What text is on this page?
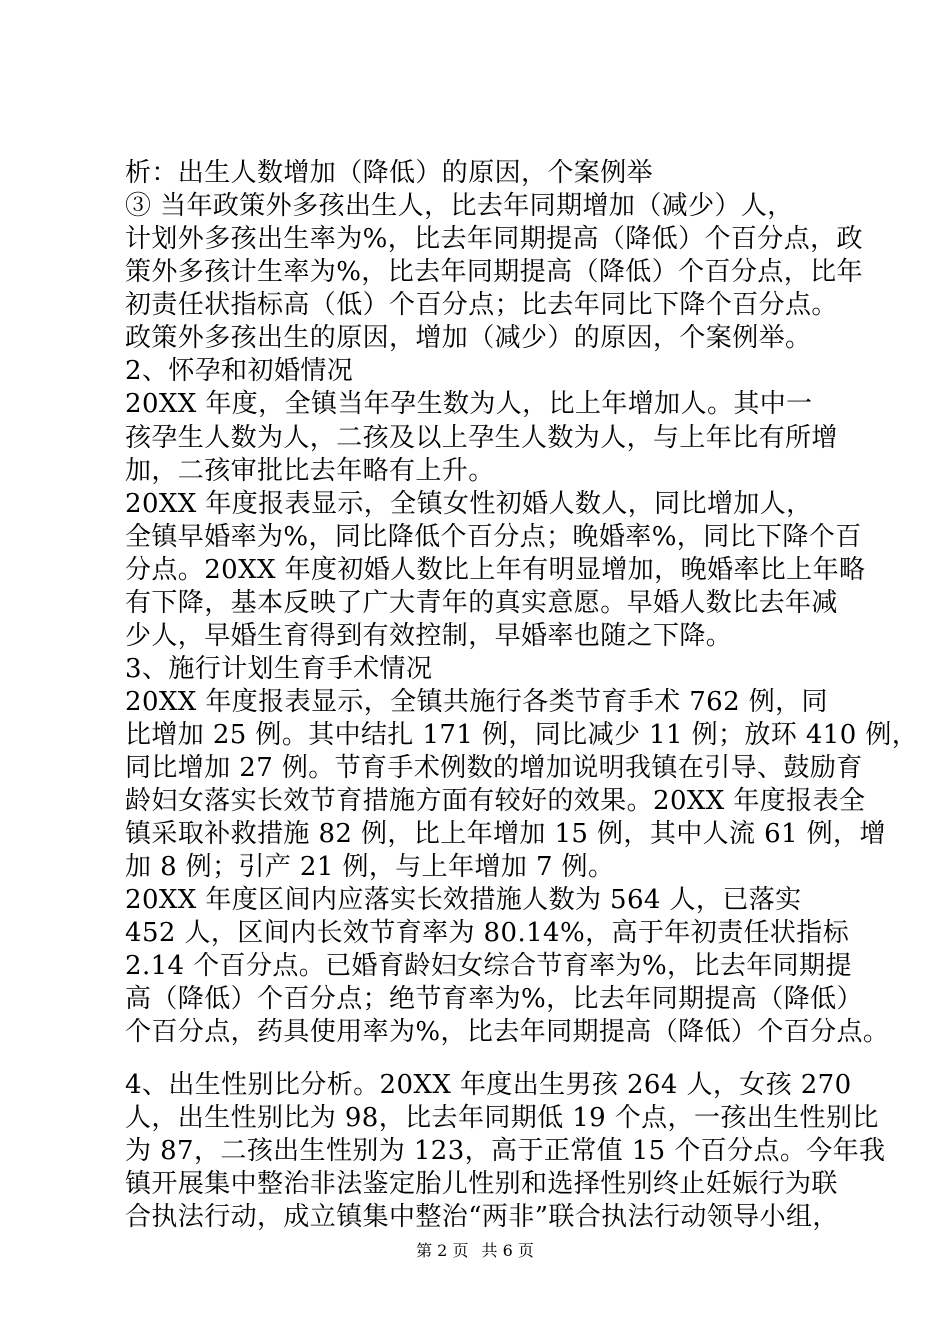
析：出生人数增加（降低）的原因，个案例举
③ 当年政策外多孩出生人，比去年同期增加（减少）人，
计划外多孩出生率为%，比去年同期提高（降低）个百分点，政
策外多孩计生率为%，比去年同期提高（降低）个百分点，比年
初责任状指标高（低）个百分点；比去年同比下降个百分点。
政策外多孩出生的原因，增加（减少）的原因，个案例举。
2、怀孕和初婚情况
20XX 年度，全镇当年孕生数为人，比上年增加人。其中一
孩孕生人数为人，二孩及以上孕生人数为人，与上年比有所增
加，二孩审批比去年略有上升。
20XX 年度报表显示，全镇女性初婚人数人，同比增加人，
全镇早婚率为%，同比降低个百分点；晚婚率%，同比下降个百
分点。20XX 年度初婚人数比上年有明显增加，晚婚率比上年略
有下降，基本反映了广大青年的真实意愿。早婚人数比去年减
少人，早婚生育得到有效控制，早婚率也随之下降。
3、施行计划生育手术情况
20XX 年度报表显示，全镇共施行各类节育手术 762 例，同
比增加 25 例。其中结扎 171 例，同比减少 11 例；放环 410 例，
同比增加 27 例。节育手术例数的增加说明我镇在引导、鼓励育
龄妇女落实长效节育措施方面有较好的效果。20XX 年度报表全
镇采取补救措施 82 例，比上年增加 15 例，其中人流 61 例，增
加 8 例；引产 21 例，与上年增加 7 例。
20XX 年度区间内应落实长效措施人数为 564 人，已落实
452 人，区间内长效节育率为 80.14%，高于年初责任状指标
2.14 个百分点。已婚育龄妇女综合节育率为%，比去年同期提
高（降低）个百分点；绝节育率为%，比去年同期提高（降低）
个百分点，药具使用率为%，比去年同期提高（降低）个百分点。
4、出生性别比分析。20XX 年度出生男孩 264 人，女孩 270
人，出生性别比为 98，比去年同期低 19 个点，一孩出生性别比
为 87，二孩出生性别为 123，高于正常值 15 个百分点。今年我
镇开展集中整治非法鉴定胎儿性别和选择性别终止妊娠行为联
合执法行动，成立镇集中整治“两非”联合执法行动领导小组，
第 2 页 共 6 页
